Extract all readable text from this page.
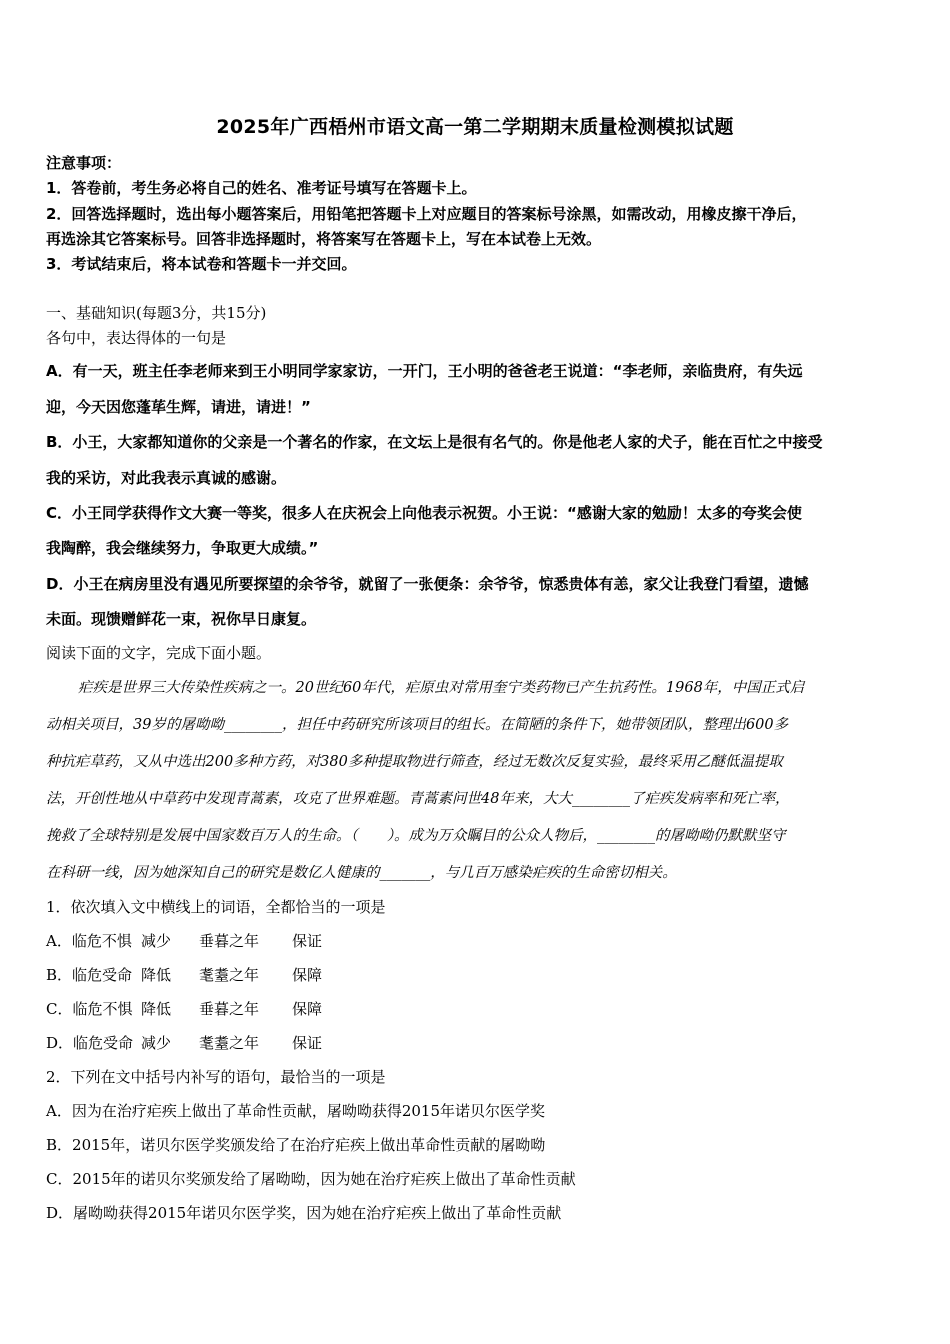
2025年广西梧州市语文高一第二学期期末质量检测模拟试题
注意事项：
1．答卷前，考生务必将自己的姓名、准考证号填写在答题卡上。
2．回答选择题时，选出每小题答案后，用铅笔把答题卡上对应题目的答案标号涂黑，如需改动，用橡皮擦干净后，
再选涂其它答案标号。回答非选择题时，将答案写在答题卡上，写在本试卷上无效。
3．考试结束后，将本试卷和答题卡一并交回。
一、基础知识(每题3分，共15分)
各句中，表达得体的一句是
A．有一天，班主任李老师来到王小明同学家家访，一开门，王小明的爸爸老王说道：“李老师，亲临贵府，有失远
迎，今天因您蓬荜生辉，请进，请进！”
B．小王，大家都知道你的父亲是一个著名的作家，在文坛上是很有名气的。你是他老人家的犬子，能在百忙之中接受
我的采访，对此我表示真诚的感谢。
C．小王同学获得作文大赛一等奖，很多人在庆祝会上向他表示祝贺。小王说：“感谢大家的勉励！太多的夸奖会使
我陶醉，我会继续努力，争取更大成绩。”
D．小王在病房里没有遇见所要探望的余爷爷，就留了一张便条：余爷爷，惊悉贵体有恙，家父让我登门看望，遗憾
未面。现馈赠鲜花一束，祝你早日康复。
阅读下面的文字，完成下面小题。
疟疾是世界三大传染性疾病之一。20世纪60年代，疟原虫对常用奎宁类药物已产生抗药性。1968年，中国正式启
动相关项目，39岁的屠呦呦________，担任中药研究所该项目的组长。在简陋的条件下，她带领团队，整理出600多
种抗疟草药，又从中选出200多种方药，对380多种提取物进行筛查，经过无数次反复实验，最终采用乙醚低温提取
法，开创性地从中草药中发现青蒿素，攻克了世界难题。青蒿素问世48年来，大大________了疟疾发病率和死亡率，
挽救了全球特别是发展中国家数百万人的生命。（　　）。成为万众瞩目的公众人物后，________的屠呦呦仍默默坚守
在科研一线，因为她深知自己的研究是数亿人健康的_______，与几百万感染疟疾的生命密切相关。
1．依次填入文中横线上的词语，全都恰当的一项是
A．临危不惧 减少 垂暮之年 保证
B．临危受命 降低 耄耋之年 保障
C．临危不惧 降低 垂暮之年 保障
D．临危受命 减少 耄耋之年 保证
2．下列在文中括号内补写的语句，最恰当的一项是
A．因为在治疗疟疾上做出了革命性贡献，屠呦呦获得2015年诺贝尔医学奖
B．2015年，诺贝尔医学奖颁发给了在治疗疟疾上做出革命性贡献的屠呦呦
C．2015年的诺贝尔奖颁发给了屠呦呦，因为她在治疗疟疾上做出了革命性贡献
D．屠呦呦获得2015年诺贝尔医学奖，因为她在治疗疟疾上做出了革命性贡献
